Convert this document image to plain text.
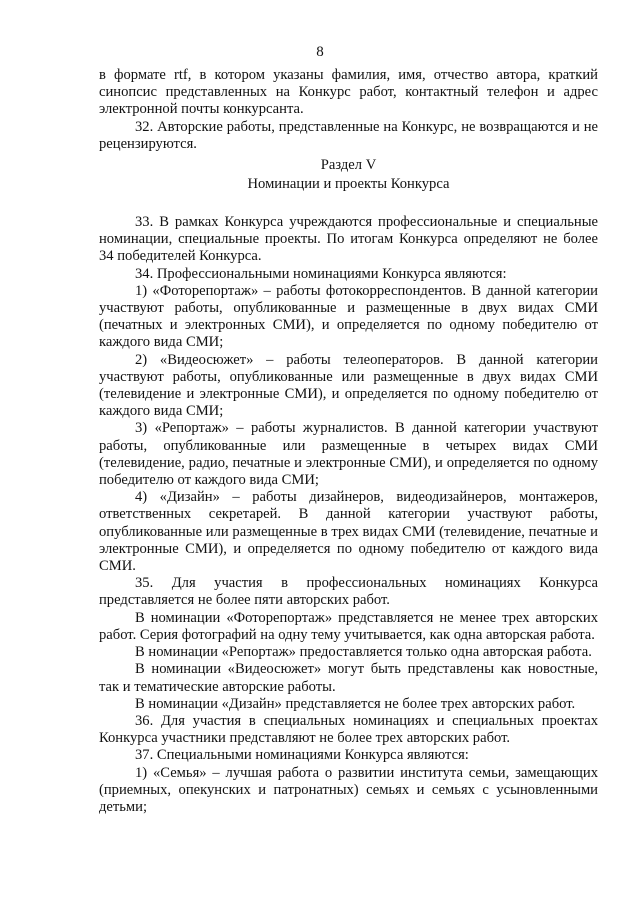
8

в формате rtf, в котором указаны фамилия, имя, отчество автора, краткий синопсис представленных на Конкурс работ, контактный телефон и адрес электронной почты конкурсанта.

32. Авторские работы, представленные на Конкурс, не возвращаются и не рецензируются.

Раздел V
Номинации и проекты Конкурса

33. В рамках Конкурса учреждаются профессиональные и специальные номинации, специальные проекты. По итогам Конкурса определяют не более 34 победителей Конкурса.

34. Профессиональными номинациями Конкурса являются:

1) «Фоторепортаж» – работы фотокорреспондентов. В данной категории участвуют работы, опубликованные и размещенные в двух видах СМИ (печатных и электронных СМИ), и определяется по одному победителю от каждого вида СМИ;

2) «Видеосюжет» – работы телеоператоров. В данной категории участвуют работы, опубликованные или размещенные в двух видах СМИ (телевидение и электронные СМИ), и определяется по одному победителю от каждого вида СМИ;

3) «Репортаж» – работы журналистов. В данной категории участвуют работы, опубликованные или размещенные в четырех видах СМИ (телевидение, радио, печатные и электронные СМИ), и определяется по одному победителю от каждого вида СМИ;

4) «Дизайн» – работы дизайнеров, видеодизайнеров, монтажеров, ответственных секретарей. В данной категории участвуют работы, опубликованные или размещенные в трех видах СМИ (телевидение, печатные и электронные СМИ), и определяется по одному победителю от каждого вида СМИ.

35. Для участия в профессиональных номинациях Конкурса представляется не более пяти авторских работ.

В номинации «Фоторепортаж» представляется не менее трех авторских работ. Серия фотографий на одну тему учитывается, как одна авторская работа.

В номинации «Репортаж» предоставляется только одна авторская работа.

В номинации «Видеосюжет» могут быть представлены как новостные, так и тематические авторские работы.

В номинации «Дизайн» представляется не более трех авторских работ.

36. Для участия в специальных номинациях и специальных проектах Конкурса участники представляют не более трех авторских работ.

37. Специальными номинациями Конкурса являются:

1) «Семья» – лучшая работа о развитии института семьи, замещающих (приемных, опекунских и патронатных) семьях и семьях с усыновленными детьми;
